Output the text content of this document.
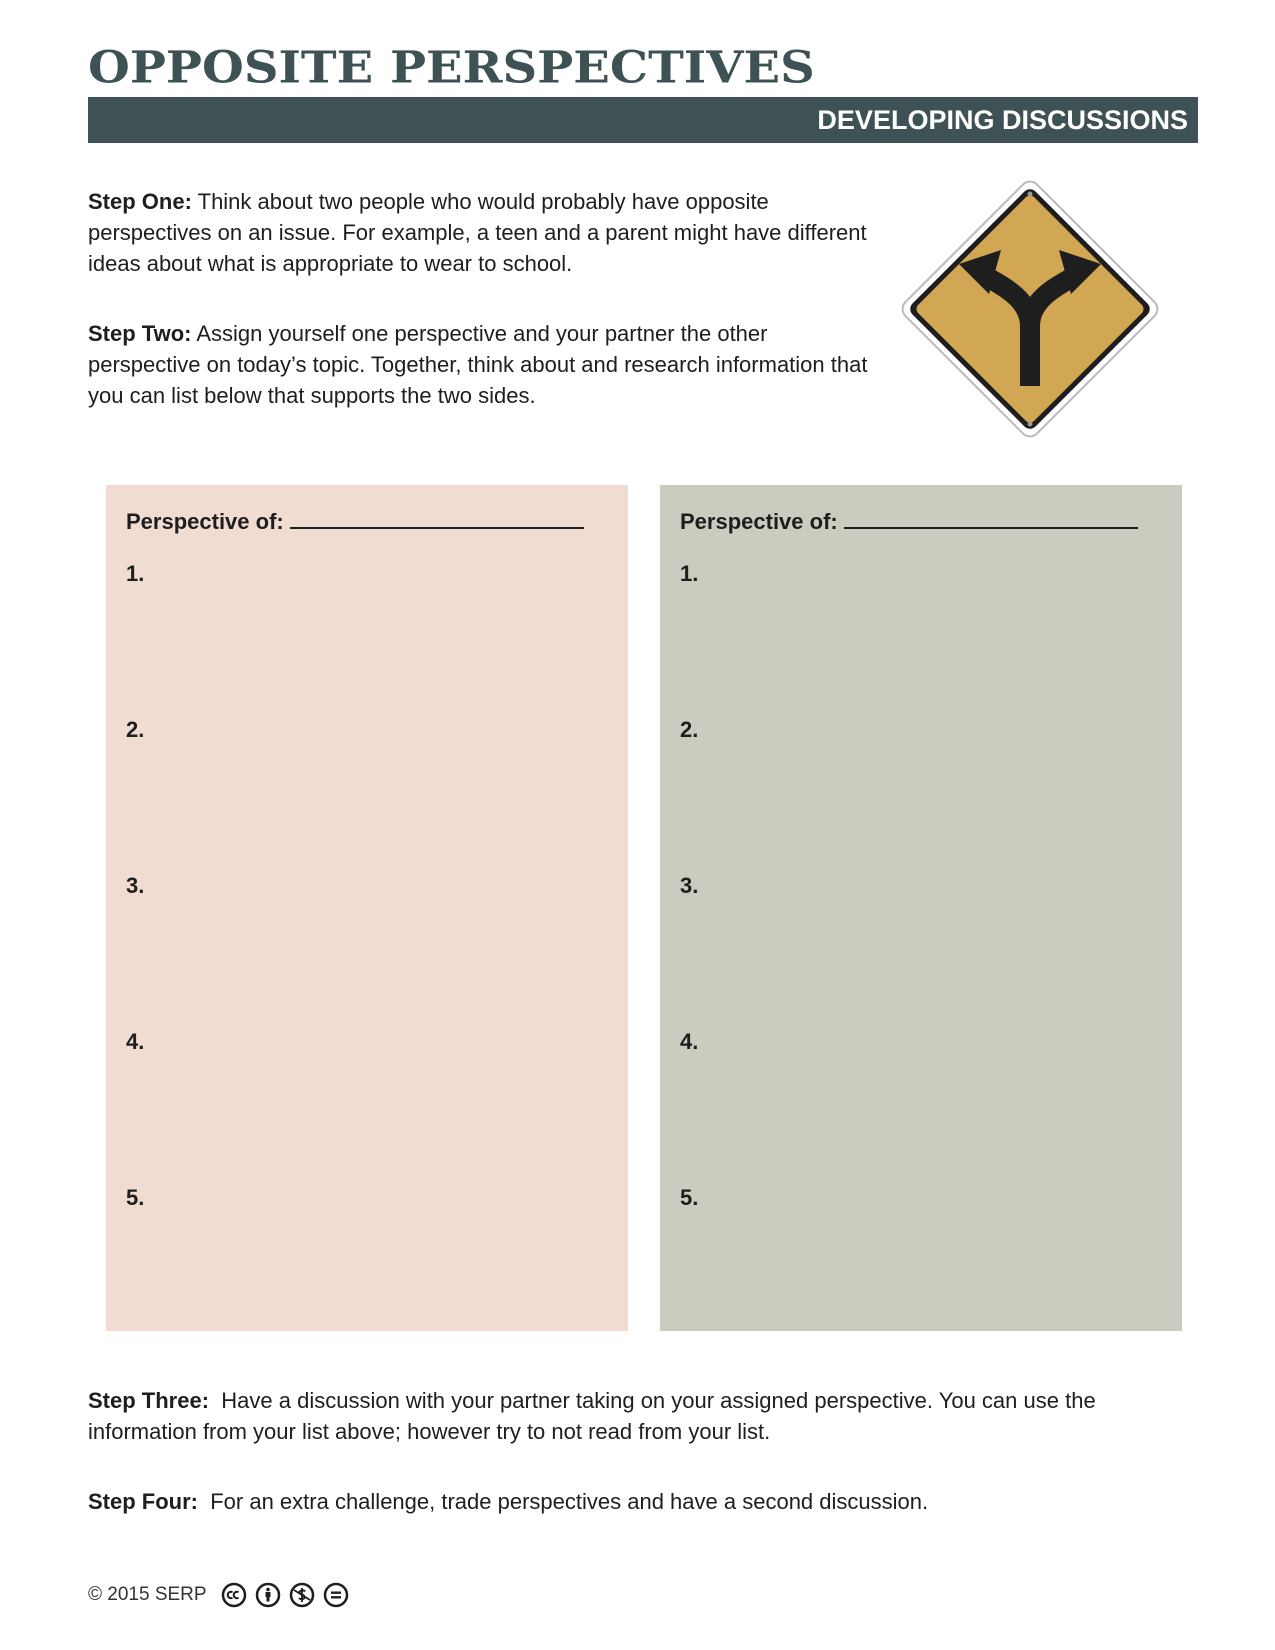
OPPOSITE PERSPECTIVES
DEVELOPING DISCUSSIONS

Step One: Think about two people who would probably have opposite perspectives on an issue. For example, a teen and a parent might have different ideas about what is appropriate to wear to school.

Step Two: Assign yourself one perspective and your partner the other perspective on today’s topic. Together, think about and research information that you can list below that supports the two sides.

Perspective of:
1.
2.
3.
4.
5.
Perspective of:
1.
2.
3.
4.
5.

Step Three: Have a discussion with your partner taking on your assigned perspective. You can use the information from your list above; however try to not read from your list.

Step Four: For an extra challenge, trade perspectives and have a second discussion.

© 2015 SERP
